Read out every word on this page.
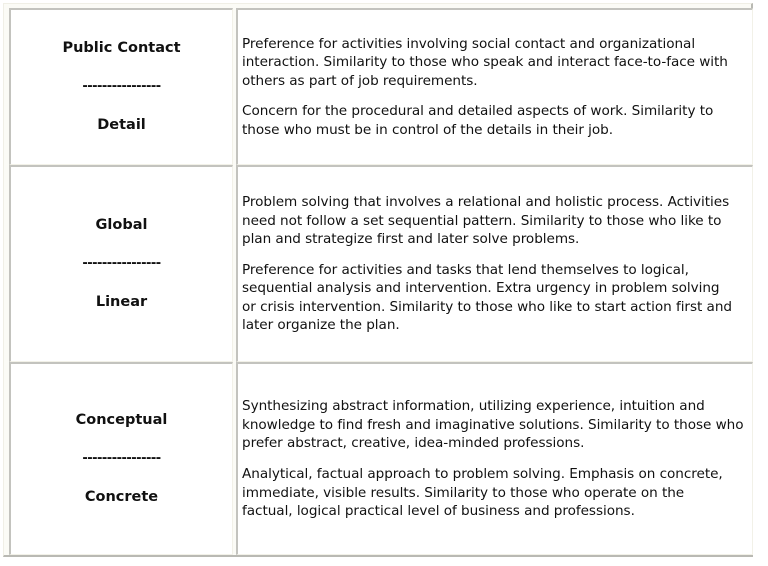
Public Contact
----------------
Detail

Preference for activities involving social contact and organizational interaction. Similarity to those who speak and interact face-to-face with others as part of job requirements.

Concern for the procedural and detailed aspects of work. Similarity to those who must be in control of the details in their job.

Global
----------------
Linear

Problem solving that involves a relational and holistic process. Activities need not follow a set sequential pattern. Similarity to those who like to plan and strategize first and later solve problems.

Preference for activities and tasks that lend themselves to logical, sequential analysis and intervention. Extra urgency in problem solving or crisis intervention. Similarity to those who like to start action first and later organize the plan.

Conceptual
----------------
Concrete

Synthesizing abstract information, utilizing experience, intuition and knowledge to find fresh and imaginative solutions. Similarity to those who prefer abstract, creative, idea-minded professions.

Analytical, factual approach to problem solving. Emphasis on concrete, immediate, visible results. Similarity to those who operate on the factual, logical practical level of business and professions.
